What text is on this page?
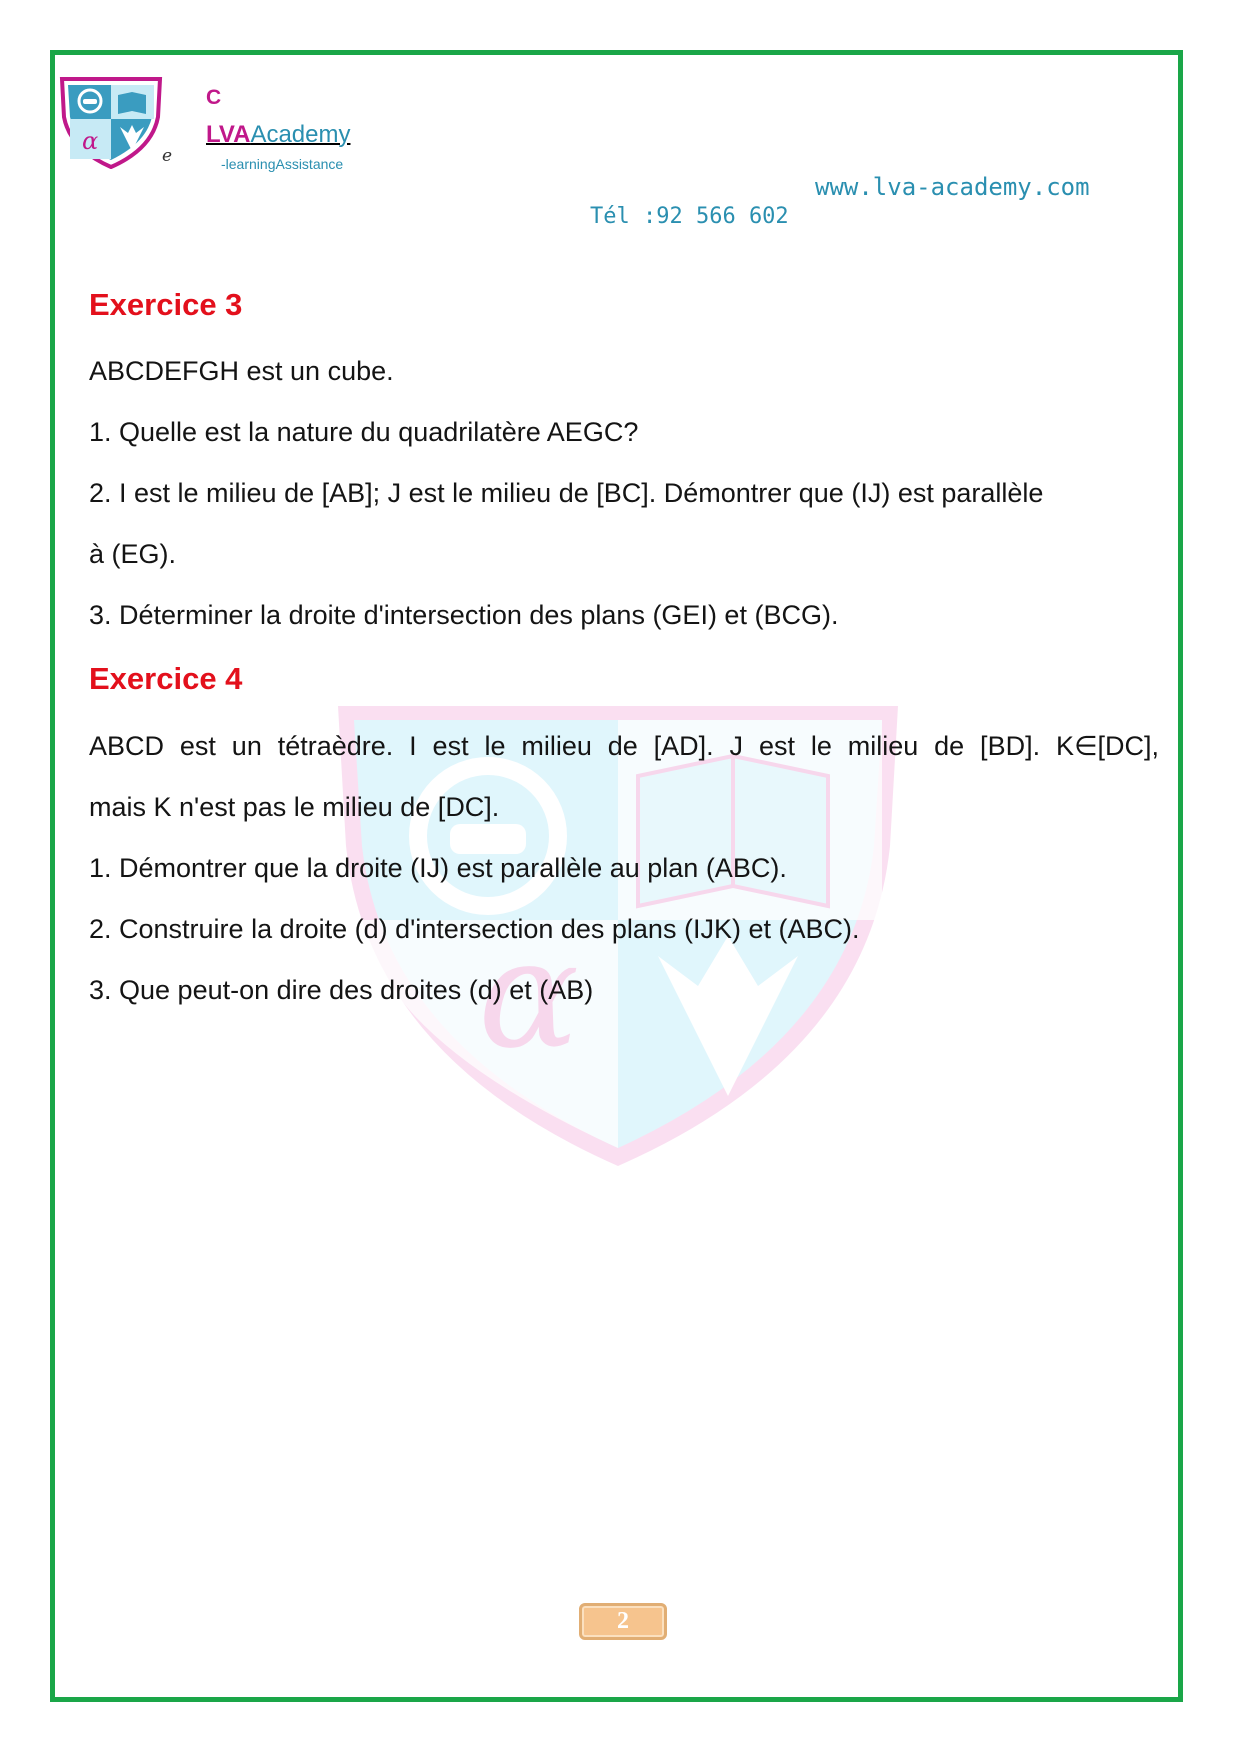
α
e
C
LVAAcademy
-learningAssistance
www.lva-academy.com
Tél :92 566 602
α
Exercice 3

ABCDEFGH est un cube.

1. Quelle est la nature du quadrilatère AEGC?

2. I est le milieu de [AB]; J est le milieu de [BC]. Démontrer que (IJ) est parallèle

à (EG).

3. Déterminer la droite d'intersection des plans (GEI) et (BCG).

Exercice 4

ABCD est un tétraèdre. I est le milieu de [AD]. J est le milieu de [BD]. K∈[DC],

mais K n'est pas le milieu de [DC].

1. Démontrer que la droite (IJ) est parallèle au plan (ABC).

2. Construire la droite (d) d'intersection des plans (IJK) et (ABC).

3. Que peut-on dire des droites (d) et (AB)

2
